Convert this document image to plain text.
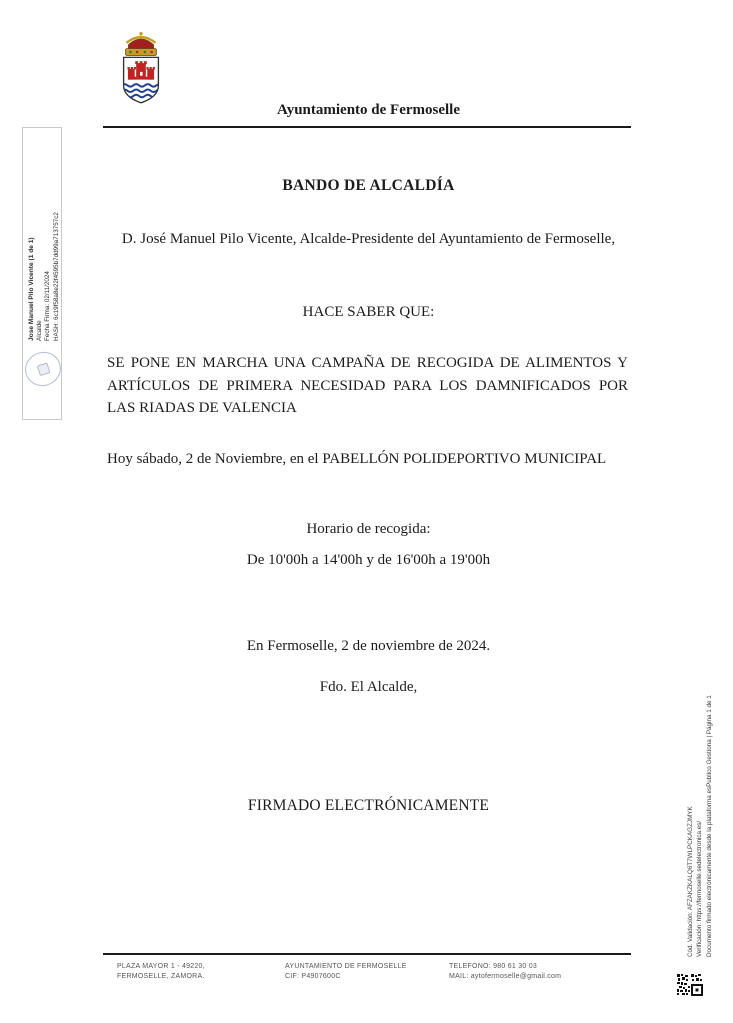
Ayuntamiento de Fermoselle
Jose Manuel Pilo Vicente (1 de 1) Alcalde Fecha Firma: 02/11/2024 HASH: 6c19f58a8e22f4595b7dd99a713757c2
BANDO DE ALCALDÍA
D. José Manuel Pilo Vicente, Alcalde-Presidente del Ayuntamiento de Fermoselle,
HACE SABER QUE:
SE PONE EN MARCHA UNA CAMPAÑA DE RECOGIDA DE ALIMENTOS Y ARTÍCULOS DE PRIMERA NECESIDAD PARA LOS DAMNIFICADOS POR LAS RIADAS DE VALENCIA
Hoy sábado, 2 de Noviembre, en el PABELLÓN POLIDEPORTIVO MUNICIPAL
Horario de recogida:
De 10'00h a 14'00h y de 16'00h a 19'00h
En Fermoselle, 2 de noviembre de 2024.
Fdo. El Alcalde,
FIRMADO ELECTRÓNICAMENTE
PLAZA MAYOR 1 - 49220,
FERMOSELLE, ZAMORA.
AYUNTAMIENTO DE FERMOSELLE
CIF: P4907600C
TELEFONO: 980 61 30 03
MAIL: aytofermoselle@gmail.com
Cód. Validación: AFZAKZKALQ6T7WLPCKAGZJMYK Verificación: https://fermoselle.sedelectronica.es/ Documento firmado electrónicamente desde la plataforma esPublico Gestiona | Página 1 de 1
